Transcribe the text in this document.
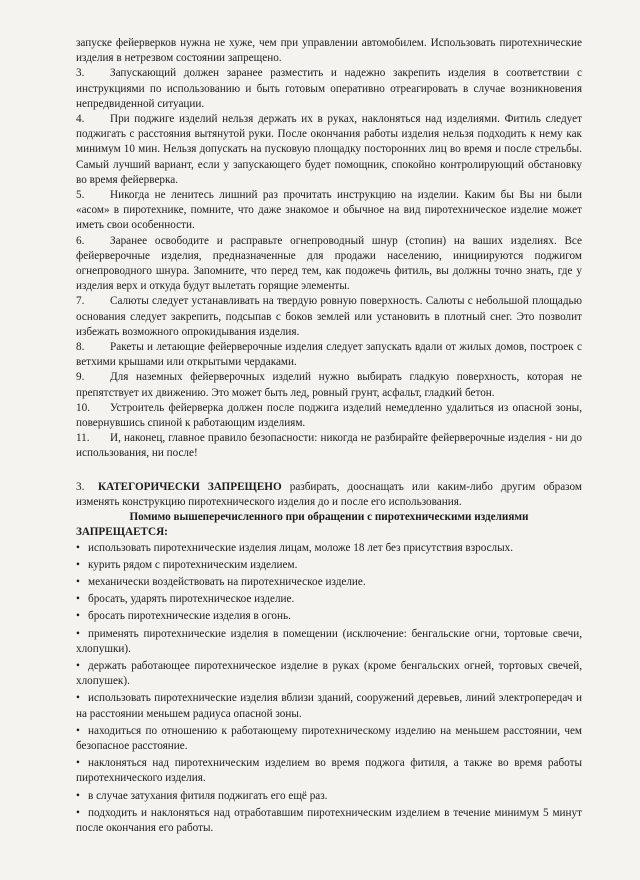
запуске фейерверков нужна не хуже, чем при управлении автомобилем. Использовать пиротехнические изделия в нетрезвом состоянии запрещено.

3. Запускающий должен заранее разместить и надежно закрепить изделия в соответствии с инструкциями по использованию и быть готовым оперативно отреагировать в случае возникновения непредвиденной ситуации.

4. При поджиге изделий нельзя держать их в руках, наклоняться над изделиями. Фитиль следует поджигать с расстояния вытянутой руки. После окончания работы изделия нельзя подходить к нему как минимум 10 мин. Нельзя допускать на пусковую площадку посторонних лиц во время и после стрельбы. Самый лучший вариант, если у запускающего будет помощник, спокойно контролирующий обстановку во время фейерверка.

5. Никогда не ленитесь лишний раз прочитать инструкцию на изделии. Каким бы Вы ни были «асом» в пиротехнике, помните, что даже знакомое и обычное на вид пиротехническое изделие может иметь свои особенности.

6. Заранее освободите и расправьте огнепроводный шнур (стопин) на ваших изделиях. Все фейерверочные изделия, предназначенные для продажи населению, инициируются поджигом огнепроводного шнура. Запомните, что перед тем, как подожечь фитиль, вы должны точно знать, где у изделия верх и откуда будут вылетать горящие элементы.

7. Салюты следует устанавливать на твердую ровную поверхность. Салюты с небольшой площадью основания следует закрепить, подсыпав с боков землей или установить в плотный снег. Это позволит избежать возможного опрокидывания изделия.

8. Ракеты и летающие фейерверочные изделия следует запускать вдали от жилых домов, построек с ветхими крышами или открытыми чердаками.

9. Для наземных фейерверочных изделий нужно выбирать гладкую поверхность, которая не препятствует их движению. Это может быть лед, ровный грунт, асфальт, гладкий бетон.

10. Устроитель фейерверка должен после поджига изделий немедленно удалиться из опасной зоны, повернувшись спиной к работающим изделиям.

11. И, наконец, главное правило безопасности: никогда не разбирайте фейерверочные изделия - ни до использования, ни после!

3. КАТЕГОРИЧЕСКИ ЗАПРЕЩЕНО разбирать, дооснащать или каким-либо другим образом изменять конструкцию пиротехнического изделия до и после его использования.

Помимо вышеперечисленного при обращении с пиротехническими изделиями

ЗАПРЕЩАЕТСЯ:

• использовать пиротехнические изделия лицам, моложе 18 лет без присутствия взрослых.
• курить рядом с пиротехническим изделием.
• механически воздействовать на пиротехническое изделие.
• бросать, ударять пиротехническое изделие.
• бросать пиротехнические изделия в огонь.
• применять пиротехнические изделия в помещении (исключение: бенгальские огни, тортовые свечи, хлопушки).
• держать работающее пиротехническое изделие в руках (кроме бенгальских огней, тортовых свечей, хлопушек).
• использовать пиротехнические изделия вблизи зданий, сооружений деревьев, линий электропередач и на расстоянии меньшем радиуса опасной зоны.
• находиться по отношению к работающему пиротехническому изделию на меньшем расстоянии, чем безопасное расстояние.
• наклоняться над пиротехническим изделием во время поджога фитиля, а также во время работы пиротехнического изделия.
• в случае затухания фитиля поджигать его ещё раз.
• подходить и наклоняться над отработавшим пиротехническим изделием в течение минимум 5 минут после окончания его работы.
